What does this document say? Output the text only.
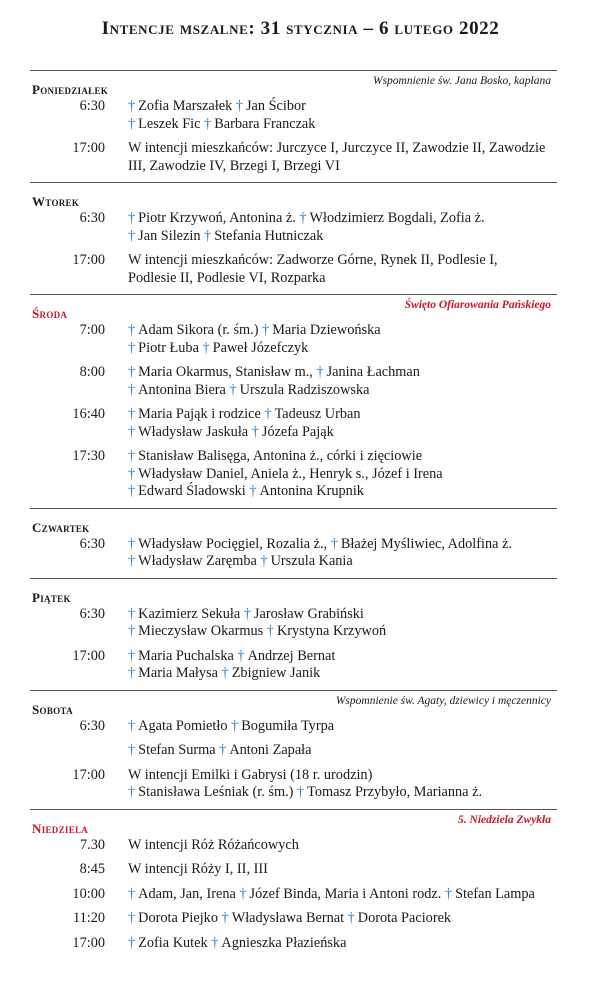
Intencje mszalne: 31 stycznia – 6 lutego 2022
Poniedziałek
Wspomnienie św. Jana Bosko, kapłana
6:30 † Zofia Marszałek † Jan Ścibor
† Leszek Fic † Barbara Franczak
17:00 W intencji mieszkańców: Jurczyce I, Jurczyce II, Zawodzie II, Zawodzie
III, Zawodzie IV, Brzegi I, Brzegi VI
Wtorek
6:30 † Piotr Krzywoń, Antonina ż. † Włodzimierz Bogdali, Zofia ż.
† Jan Silezin † Stefania Hutniczak
17:00 W intencji mieszkańców: Zadworze Górne, Rynek II, Podlesie I,
Podlesie II, Podlesie VI, Rozparka
Środa
Święto Ofiarowania Pańskiego
7:00 † Adam Sikora (r. śm.) † Maria Dziewońska
† Piotr Łuba † Paweł Józefczyk
8:00 † Maria Okarmus, Stanisław m., † Janina Łachman
† Antonina Biera † Urszula Radziszowska
16:40 † Maria Pająk i rodzice † Tadeusz Urban
† Władysław Jaskuła † Józefa Pająk
17:30 † Stanisław Balisęga, Antonina ż., córki i zięciowie
† Władysław Daniel, Aniela ż., Henryk s., Józef i Irena
† Edward Śladowski † Antonina Krupnik
Czwartek
6:30 † Władysław Pocięgiel, Rozalia ż., † Błażej Myśliwiec, Adolfina ż.
† Władysław Zaręmba † Urszula Kania
Piątek
6:30 † Kazimierz Sekuła † Jarosław Grabiński
† Mieczysław Okarmus † Krystyna Krzywoń
17:00 † Maria Puchalska † Andrzej Bernat
† Maria Małysa † Zbigniew Janik
Sobota
Wspomnienie św. Agaty, dziewicy i męczennicy
6:30 † Agata Pomietło † Bogumiła Tyrpa
† Stefan Surma † Antoni Zapała
17:00 W intencji Emilki i Gabrysi (18 r. urodzin)
† Stanisława Leśniak (r. śm.) † Tomasz Przybyło, Marianna ż.
Niedziela
5. Niedziela Zwykła
7.30 W intencji Róż Różańcowych
8:45 W intencji Róży I, II, III
10:00 † Adam, Jan, Irena † Józef Binda, Maria i Antoni rodz. † Stefan Lampa
11:20 † Dorota Piejko † Władysława Bernat † Dorota Paciorek
17:00 † Zofia Kutek † Agnieszka Płazieńska
